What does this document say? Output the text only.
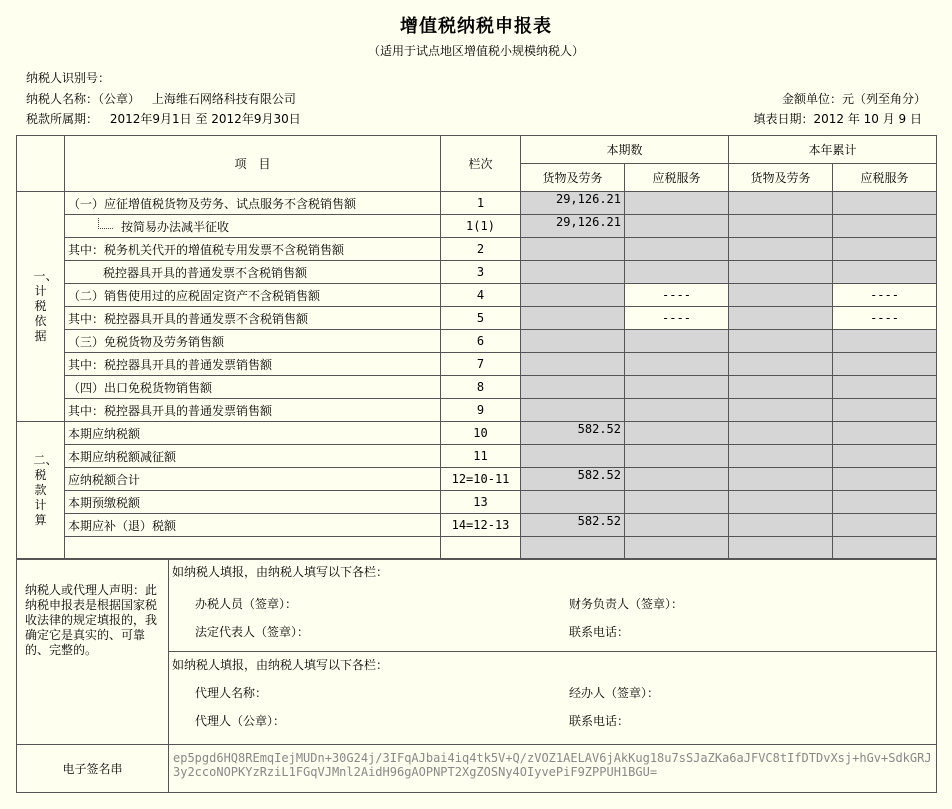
增值税纳税申报表
（适用于试点地区增值税小规模纳税人）
纳税人识别号：
纳税人名称：（公章） 上海维石网络科技有限公司
税款所属期： 2012年9月1日 至 2012年9月30日
金额单位：元（列至角分）
填表日期：2012 年 10 月 9 日
	项　目	栏次	本期数		本年累计	
			货物及劳务	应税服务	货物及劳务	应税服务

一、计税依据	（一）应征增值税货物及劳务、试点服务不含税销售额	1	29,126.21			
	按简易办法减半征收	1(1)	29,126.21			
	其中：税务机关代开的增值税专用发票不含税销售额	2				
	税控器具开具的普通发票不含税销售额	3				
	（二）销售使用过的应税固定资产不含税销售额	4		----		----
	其中：税控器具开具的普通发票不含税销售额	5		----		----
	（三）免税货物及劳务销售额	6				
	其中：税控器具开具的普通发票销售额	7				
	（四）出口免税货物销售额	8				
	其中：税控器具开具的普通发票销售额	9				

二、税款计算	本期应纳税额	10	582.52			
	本期应纳税额减征额	11				
	应纳税额合计	12=10-11	582.52			
	本期预缴税额	13				
	本期应补（退）税额	14=12-13	582.52			

纳税人或代理人声明：此纳税申报表是根据国家税收法律的规定填报的，我确定它是真实的、可靠的、完整的。	如纳税人填报，由纳税人填写以下各栏：
办税人员（签章）： 财务负责人（签章）：
法定代表人（签章）： 联系电话：

	如纳税人填报，由纳税人填写以下各栏：
代理人名称： 经办人（签章）：
代理人（公章）： 联系电话：

电子签名串	ep5pgd6HQ8REmqIejMUDn+30G24j/3IFqAJbai4iq4tk5V+Q/zVOZ1AELAV6jAkKug18u7sSJaZKa6aJFVC8tIfDTDvXsj+hGv+SdkGRJ3y2ccoNOPKYzRziL1FGqVJMnl2AidH96gAOPNPT2XgZOSNy4OIyvePiF9ZPPUH1BGU=
